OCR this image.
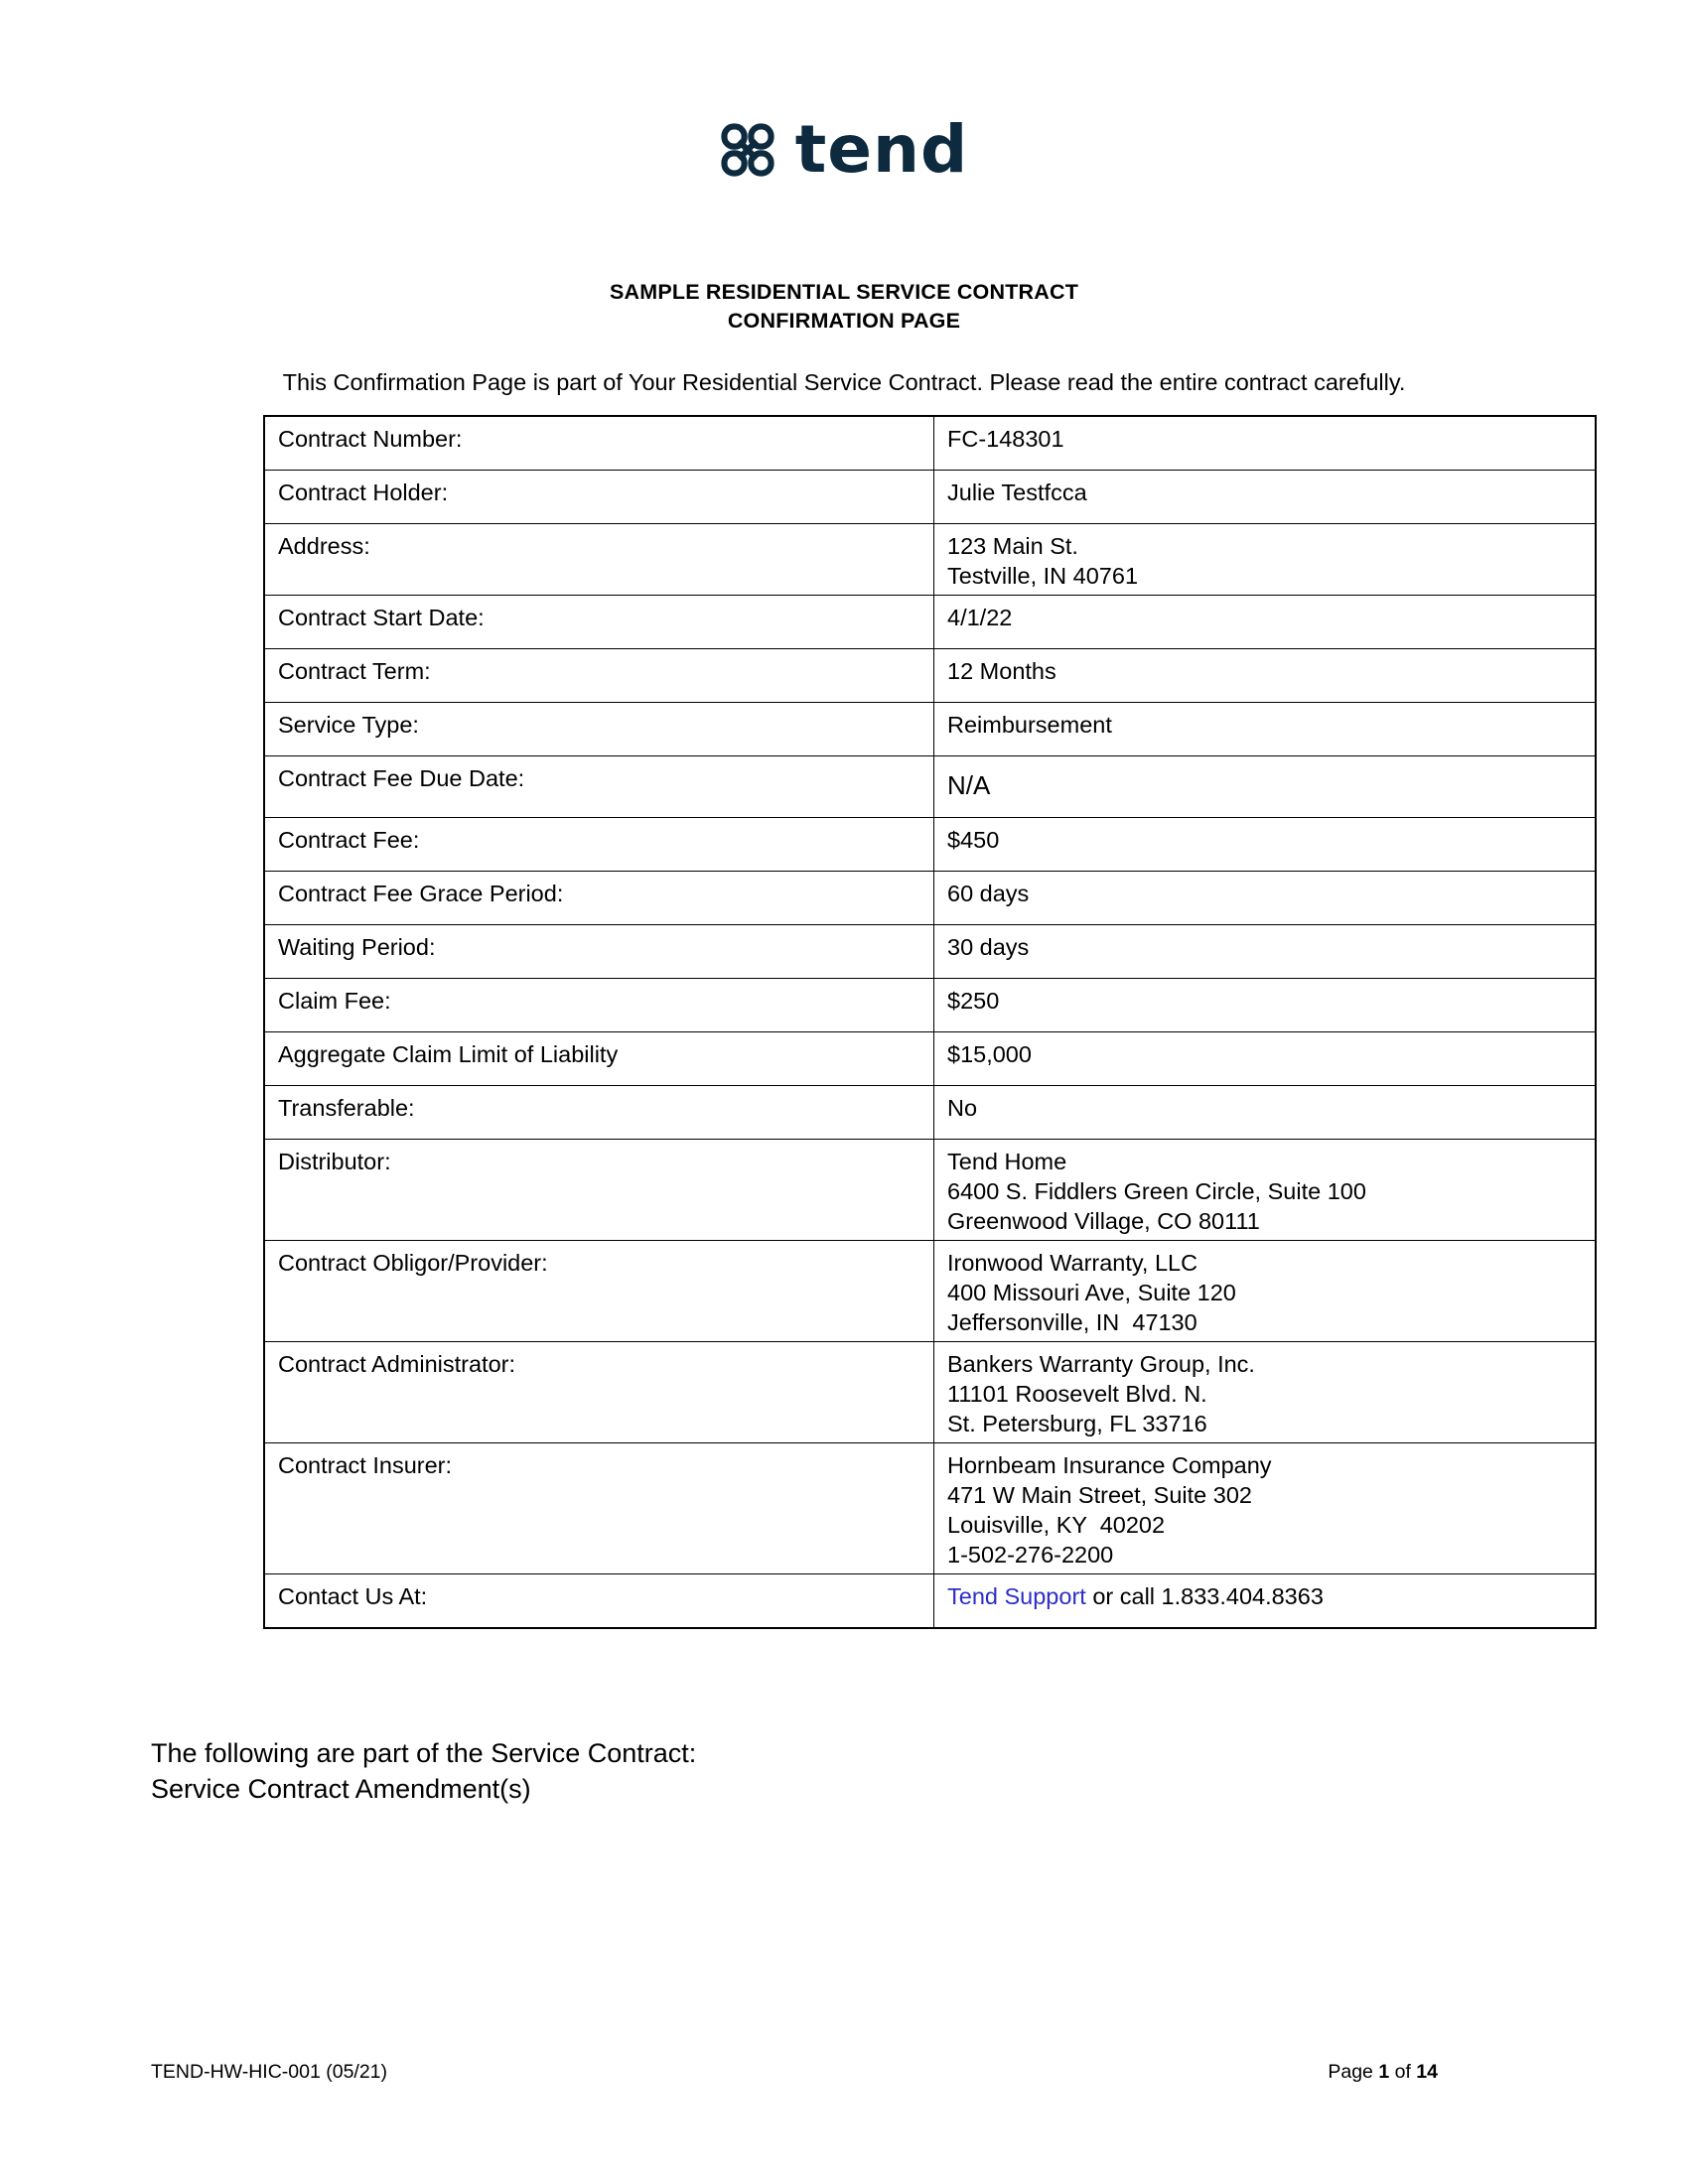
tend
SAMPLE RESIDENTIAL SERVICE CONTRACT
CONFIRMATION PAGE
This Confirmation Page is part of Your Residential Service Contract. Please read the entire contract carefully.
Contract Number:	FC-148301
Contract Holder:	Julie Testfcca
Address:	123 Main St.
Testville, IN 40761

Contract Start Date:	4/1/22
Contract Term:	12 Months
Service Type:	Reimbursement
Contract Fee Due Date:	N/A
Contract Fee:	$450
Contract Fee Grace Period:	60 days
Waiting Period:	30 days
Claim Fee:	$250
Aggregate Claim Limit of Liability	$15,000
Transferable:	No
Distributor:	Tend Home
6400 S. Fiddlers Green Circle, Suite 100
Greenwood Village, CO 80111

Contract Obligor/Provider:	Ironwood Warranty, LLC
400 Missouri Ave, Suite 120
Jeffersonville, IN  47130

Contract Administrator:	Bankers Warranty Group, Inc.
11101 Roosevelt Blvd. N.
St. Petersburg, FL 33716

Contract Insurer:	Hornbeam Insurance Company
471 W Main Street, Suite 302
Louisville, KY  40202
1-502-276-2200

Contact Us At:	Tend Support or call 1.833.404.8363
The following are part of the Service Contract:
Service Contract Amendment(s)
TEND-HW-HIC-001 (05/21)	Page 1 of 14
